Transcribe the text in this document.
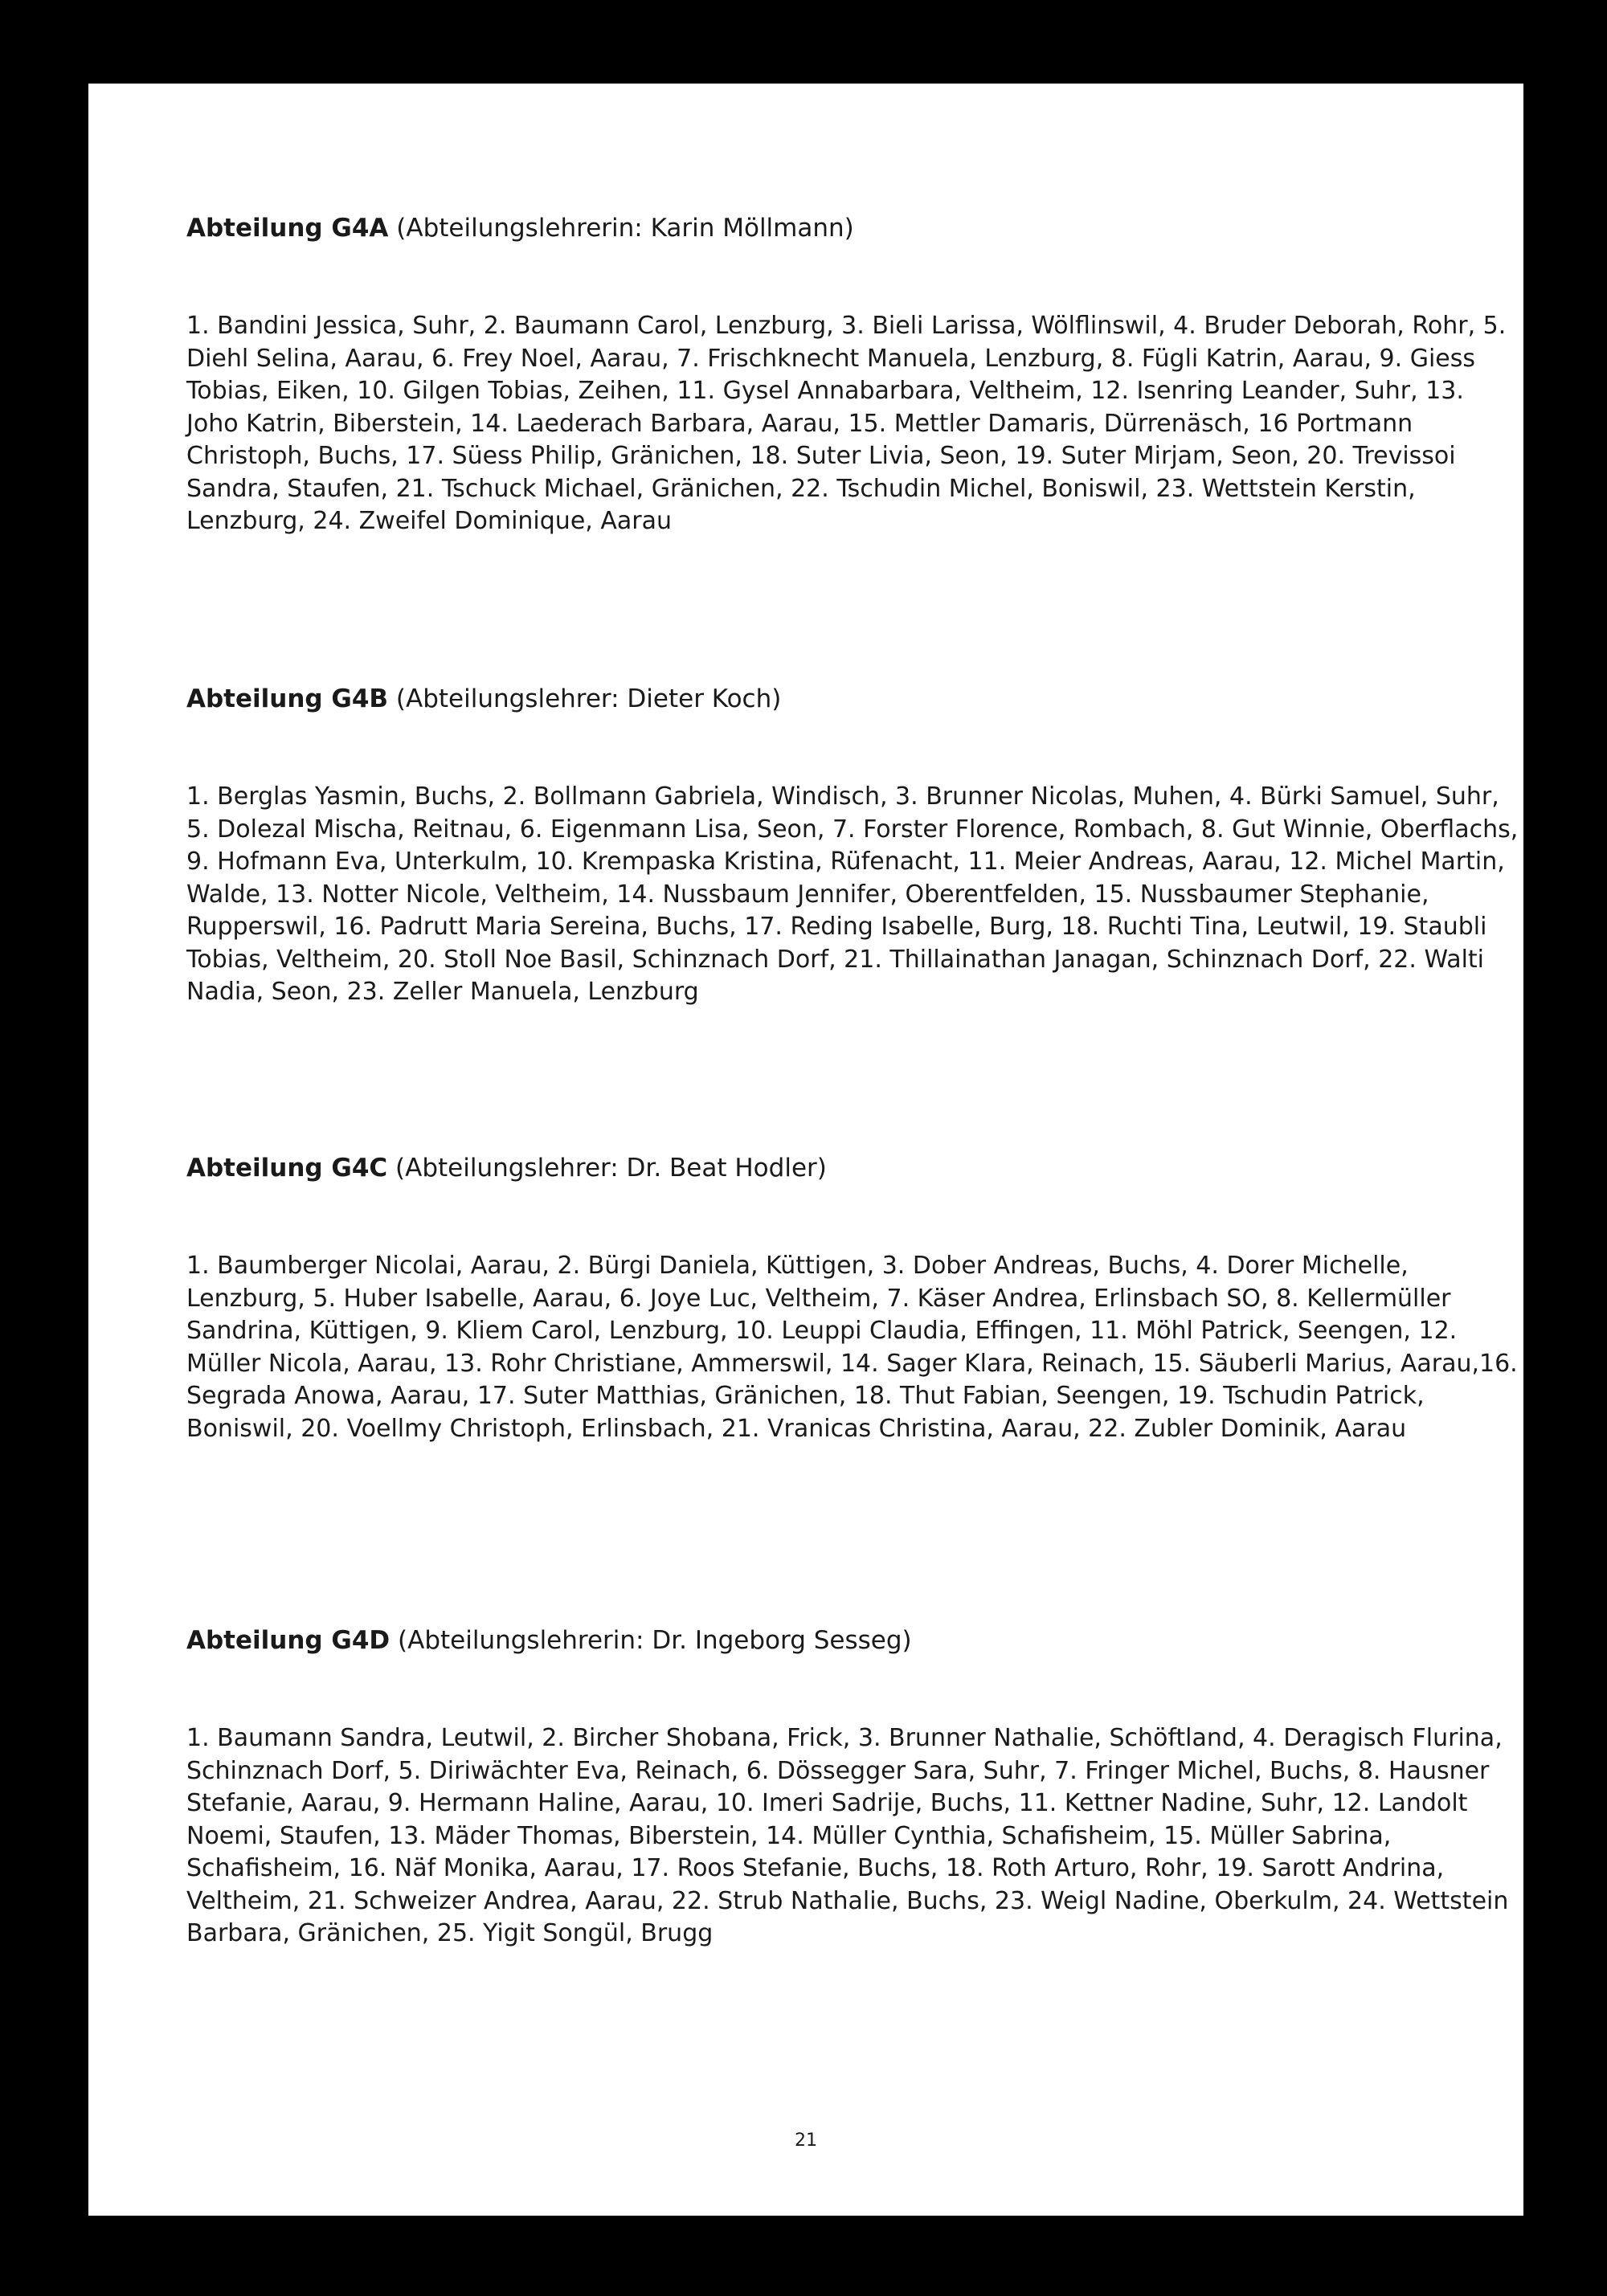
Abteilung G4A (Abteilungslehrerin: Karin Möllmann)

1. Bandini Jessica, Suhr, 2. Baumann Carol, Lenzburg, 3. Bieli Larissa, Wölflinswil, 4. Bruder Deborah, Rohr, 5. Diehl Selina, Aarau, 6. Frey Noel, Aarau, 7. Frischknecht Manuela, Lenzburg, 8. Fügli Katrin, Aarau, 9. Giess Tobias, Eiken, 10. Gilgen Tobias, Zeihen, 11. Gysel Annabarbara, Veltheim, 12. Isenring Leander, Suhr, 13. Joho Katrin, Biberstein, 14. Laederach Barbara, Aarau, 15. Mettler Damaris, Dürrenäsch, 16 Portmann Christoph, Buchs, 17. Süess Philip, Gränichen, 18. Suter Livia, Seon, 19. Suter Mirjam, Seon, 20. Trevissoi Sandra, Staufen, 21. Tschuck Michael, Gränichen, 22. Tschudin Michel, Boniswil, 23. Wettstein Kerstin, Lenzburg, 24. Zweifel Dominique, Aarau

Abteilung G4B (Abteilungslehrer: Dieter Koch)

1. Berglas Yasmin, Buchs, 2. Bollmann Gabriela, Windisch, 3. Brunner Nicolas, Muhen, 4. Bürki Samuel, Suhr, 5. Dolezal Mischa, Reitnau, 6. Eigenmann Lisa, Seon, 7. Forster Florence, Rombach, 8. Gut Winnie, Oberflachs, 9. Hofmann Eva, Unterkulm, 10. Krempaska Kristina, Rüfenacht, 11. Meier Andreas, Aarau, 12. Michel Martin, Walde, 13. Notter Nicole, Veltheim, 14. Nussbaum Jennifer, Oberentfelden, 15. Nussbaumer Stephanie, Rupperswil, 16. Padrutt Maria Sereina, Buchs, 17. Reding Isabelle, Burg, 18. Ruchti Tina, Leutwil, 19. Staubli Tobias, Veltheim, 20. Stoll Noe Basil, Schinznach Dorf, 21. Thillainathan Janagan, Schinznach Dorf, 22. Walti Nadia, Seon, 23. Zeller Manuela, Lenzburg

Abteilung G4C (Abteilungslehrer: Dr. Beat Hodler)

1. Baumberger Nicolai, Aarau, 2. Bürgi Daniela, Küttigen, 3. Dober Andreas, Buchs, 4. Dorer Michelle, Lenzburg, 5. Huber Isabelle, Aarau, 6. Joye Luc, Veltheim, 7. Käser Andrea, Erlinsbach SO, 8. Kellermüller Sandrina, Küttigen, 9. Kliem Carol, Lenzburg, 10. Leuppi Claudia, Effingen, 11. Möhl Patrick, Seengen, 12. Müller Nicola, Aarau, 13. Rohr Christiane, Ammerswil, 14. Sager Klara, Reinach, 15. Säuberli Marius, Aarau,16. Segrada Anowa, Aarau, 17. Suter Matthias, Gränichen, 18. Thut Fabian, Seengen, 19. Tschudin Patrick, Boniswil, 20. Voellmy Christoph, Erlinsbach, 21. Vranicas Christina, Aarau, 22. Zubler Dominik, Aarau

Abteilung G4D (Abteilungslehrerin: Dr. Ingeborg Sesseg)

1. Baumann Sandra, Leutwil, 2. Bircher Shobana, Frick, 3. Brunner Nathalie, Schöftland, 4. Deragisch Flurina, Schinznach Dorf, 5. Diriwächter Eva, Reinach, 6. Dössegger Sara, Suhr, 7. Fringer Michel, Buchs, 8. Hausner Stefanie, Aarau, 9. Hermann Haline, Aarau, 10. Imeri Sadrije, Buchs, 11. Kettner Nadine, Suhr, 12. Landolt Noemi, Staufen, 13. Mäder Thomas, Biberstein, 14. Müller Cynthia, Schafisheim, 15. Müller Sabrina, Schafisheim, 16. Näf Monika, Aarau, 17. Roos Stefanie, Buchs, 18. Roth Arturo, Rohr, 19. Sarott Andrina, Veltheim, 21. Schweizer Andrea, Aarau, 22. Strub Nathalie, Buchs, 23. Weigl Nadine, Oberkulm, 24. Wettstein Barbara, Gränichen, 25. Yigit Songül, Brugg

21
